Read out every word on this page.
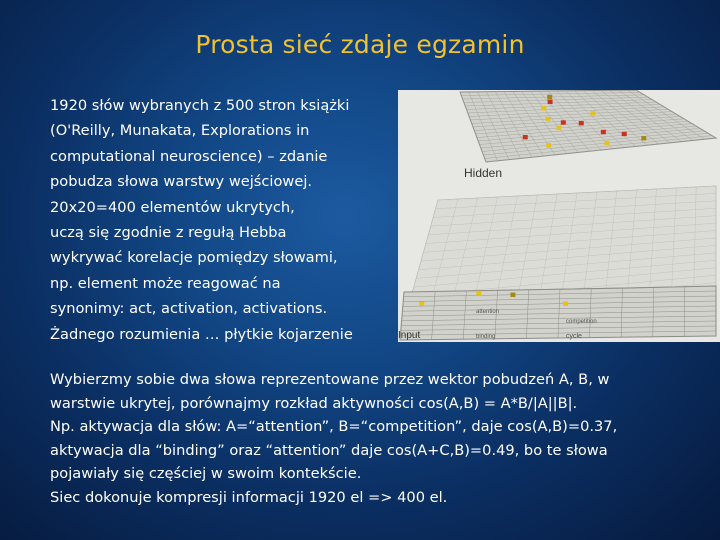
Prosta sieć zdaje egzamin
1920 słów wybranych z 500 stron książki
(O'Reilly, Munakata, Explorations in
computational neuroscience) – zdanie
pobudza słowa warstwy wejściowej.
20x20=400 elementów ukrytych,
uczą się zgodnie z regułą Hebba
wykrywać korelacje pomiędzy słowami,
np. element może reagować na
synonimy: act, activation, activations.
Żadnego rozumienia … płytkie kojarzenie
Hidden
attention
competition
binding	cycle
Input
Wybierzmy sobie dwa słowa reprezentowane przez wektor pobudzeń A, B, w
warstwie ukrytej, porównajmy rozkład aktywności cos(A,B) = A*B/|A||B|.
Np. aktywacja dla słów: A=“attention”, B=“competition”, daje cos(A,B)=0.37,
aktywacja dla “binding” oraz “attention” daje cos(A+C,B)=0.49, bo te słowa
pojawiały się częściej w swoim kontekście.
Siec dokonuje kompresji informacji 1920 el => 400 el.
